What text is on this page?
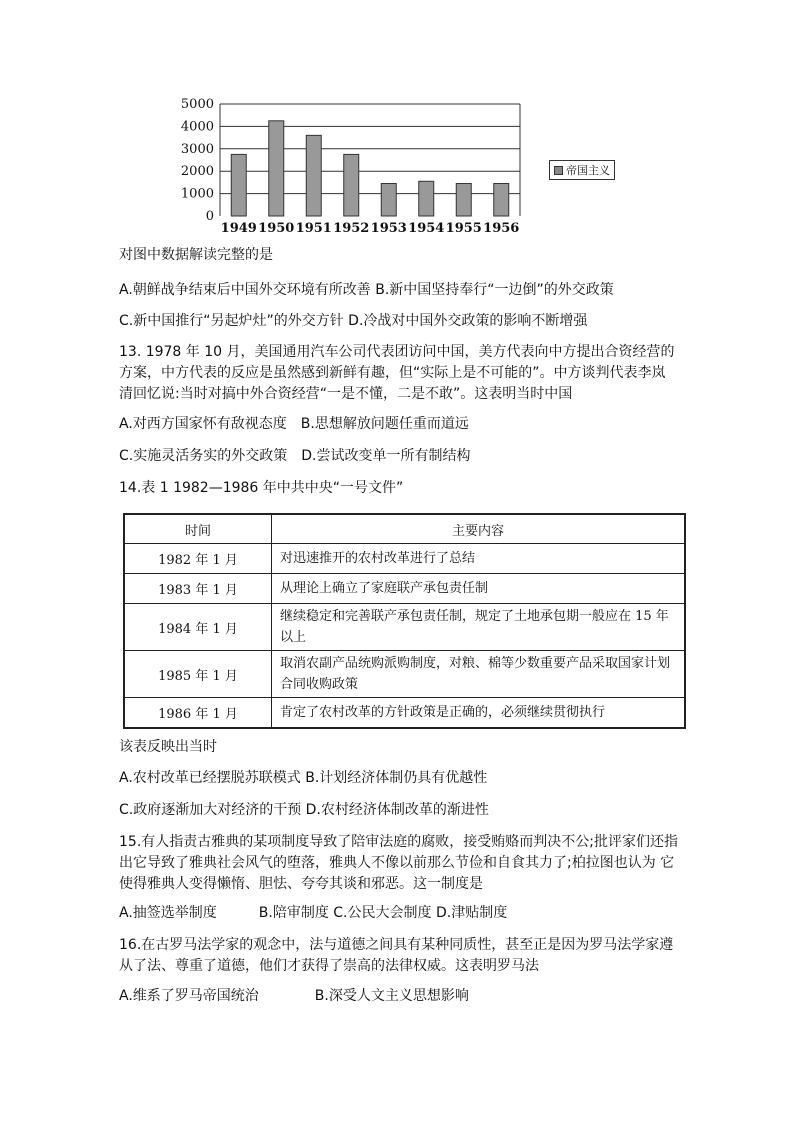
5000
4000
3000
2000
1000
0
1949 1950 1951 1952 1953 1954 1955 1956
帝国主义
对图中数据解读完整的是
A.朝鲜战争结束后中国外交环境有所改善 B.新中国坚持奉行“一边倒”的外交政策
C.新中国推行“另起炉灶”的外交方针 D.冷战对中国外交政策的影响不断增强
13. 1978 年 10 月，美国通用汽车公司代表团访问中国，美方代表向中方提出合资经营的方案，中方代表的反应是虽然感到新鲜有趣，但“实际上是不可能的”。中方谈判代表李岚清回忆说:当时对搞中外合资经营“一是不懂，二是不敢”。这表明当时中国
A.对西方国家怀有敌视态度　B.思想解放问题任重而道远
C.实施灵活务实的外交政策　D.尝试改变单一所有制结构
14.表 1 1982—1986 年中共中央“一号文件”
时间	主要内容
1982 年 1 月	对迅速推开的农村改革进行了总结
1983 年 1 月	从理论上确立了家庭联产承包责任制
1984 年 1 月	继续稳定和完善联产承包责任制，规定了土地承包期一般应在 15 年以上
1985 年 1 月	取消农副产品统购派购制度，对粮、棉等少数重要产品采取国家计划合同收购政策
1986 年 1 月	肯定了农村改革的方针政策是正确的，必须继续贯彻执行
该表反映出当时
A.农村改革已经摆脱苏联模式 B.计划经济体制仍具有优越性
C.政府逐渐加大对经济的干预 D.农村经济体制改革的渐进性
15.有人指责古雅典的某项制度导致了陪审法庭的腐败，接受贿赂而判决不公;批评家们还指 出它导致了雅典社会风气的堕落，雅典人不像以前那么节俭和自食其力了;柏拉图也认为 它使得雅典人变得懒惰、胆怯、夸夸其谈和邪恶。这一制度是
A.抽签选举制度　　　B.陪审制度 C.公民大会制度 D.津贴制度
16.在古罗马法学家的观念中，法与道德之间具有某种同质性，甚至正是因为罗马法学家遵从了法、尊重了道德，他们才获得了崇高的法律权威。这表明罗马法
A.维系了罗马帝国统治　　　　B.深受人文主义思想影响
